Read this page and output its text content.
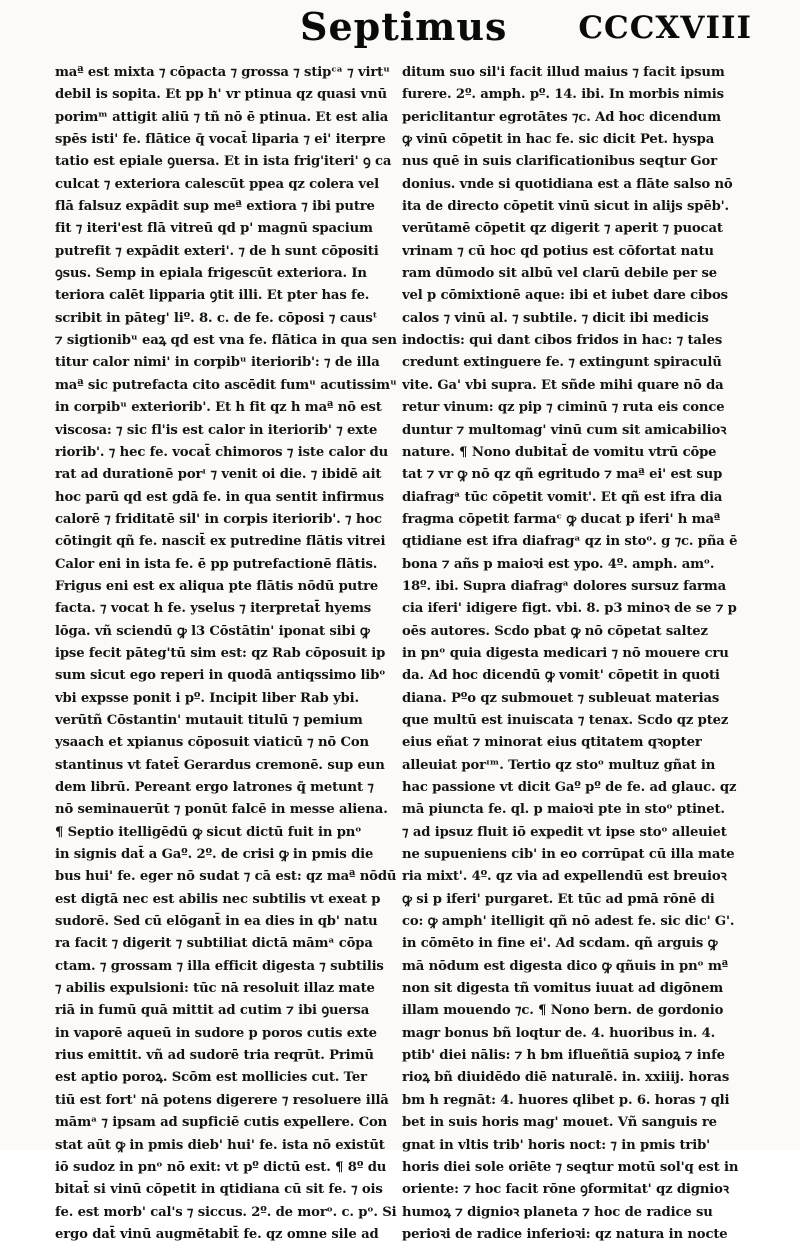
Septimus CCCXVIII
maª est mixta ⁊ cōpacta ⁊ grossa ⁊ stipᶜᵃ ⁊ virtᵘ
debil is sopita. Et pp h' vr ptinua qz quasi vnū
porimᵐ attigit aliū ⁊ tñ nō ē ptinua. Et est alia
spēs isti' fe. flātice q̄ vocat̄ liparia ⁊ ei' iterpre
tatio est epiale ꝯuersa. Et in ista frig'iteri' ꝯ ca
culcat ⁊ exteriora calescūt ppea qz colera vel
flā falsuz expādit sup meª extiora ⁊ ibi putre
fit ⁊ iteri'est flā vitreū qd p' magnū spacium
putrefit ⁊ expādit exteri'. ⁊ de h sunt cōpositi
ꝯsus. Semp in epiala frigescūt exteriora. In
teriora calēt lipparia ꝯtit illi. Et pter has fe.
scribit in pāteg' liº. 8. c. de fe. cōposi ⁊ causᵗ
⁊ sigtionibᵘ eaꝝ qd est vna fe. flātica in qua sen
titur calor nimi' in corpibᵘ iteriorib': ⁊ de illa
maª sic putrefacta cito ascēdit fumᵘ acutissimᵘ
in corpibᵘ exteriorib'. Et h fit qz h maª nō est
viscosa: ⁊ sic fl'is est calor in iteriorib' ⁊ exte
riorib'. ⁊ hec fe. vocat̄ chimoros ⁊ iste calor du
rat ad durationē porᶦ ⁊ venit oi die. ⁊ ibidē ait
hoc parū qd est gdā fe. in qua sentit infirmus
calorē ⁊ friditatē sil' in corpis iteriorib'. ⁊ hoc
cōtingit qñ fe. nascit̄ ex putredine flātis vitrei
Calor eni in ista fe. ē pp putrefactionē flātis.
Frigus eni est ex aliqua pte flātis nōdū putre
facta. ⁊ vocat h fe. yselus ⁊ iterpretat̄ hyems
lōga. vñ sciendū ꝙ l3 Cōstātin' iponat sibi ꝙ
ipse fecit pāteg'tū sim est: qz Rab cōposuit ip
sum sicut ego reperi in quodā antiqssimo libᵒ
vbi expsse ponit i pº. Incipit liber Rab ybi.
verūtñ Cōstantin' mutauit titulū ⁊ pemium
ysaach et xpianus cōposuit viaticū ⁊ nō Con
stantinus vt fatet̄ Gerardus cremonē. sup eun
dem librū. Pereant ergo latrones q̄ metunt ⁊
nō seminauerūt ⁊ ponūt falcē in messe aliena.
¶ Septio itelligēdū ꝙ sicut dictū fuit in pnᵒ
in signis dat̄ a Gaº. 2º. de crisi ꝙ in pmis die
bus hui' fe. eger nō sudat ⁊ cā est: qz maª nōdū
est digtā nec est abilis nec subtilis vt exeat p
sudorē. Sed cū elōgant̄ in ea dies in qb' natu
ra facit ⁊ digerit ⁊ subtiliat dictā māmᵃ cōpa
ctam. ⁊ grossam ⁊ illa efficit digesta ⁊ subtilis
⁊ abilis expulsioni: tūc nā resoluit illaz mate
riā in fumū quā mittit ad cutim ⁊ ibi ꝯuersa
in vaporē aqueū in sudore p poros cutis exte
rius emittit. vñ ad sudorē tria reqrūt. Primū
est aptio poroꝝ. Scōm est mollicies cut. Ter
tiū est fort' nā potens digerere ⁊ resoluere illā
māmᵃ ⁊ ipsam ad supficiē cutis expellere. Con
stat aūt ꝙ in pmis dieb' hui' fe. ista nō existūt
iō sudoz in pnᵒ nō exit: vt pº dictū est. ¶ 8º du
bitat̄ si vinū cōpetit in qtidiana cū sit fe. ⁊ ois
fe. est morb' cal's ⁊ siccus. 2º. de morᵒ. c. pᵒ. Si
ergo dat̄ vinū augmētabit̄ fe. qz omne sile ad
ditum suo sil'i facit illud maius ⁊ facit ipsum
furere. 2º. amph. pº. 14. ibi. In morbis nimis
periclitantur egrotātes ⁊c. Ad hoc dicendum
ꝙ vinū cōpetit in hac fe. sic dicit Pet. hyspa
nus quē in suis clarificationibus seqtur Gor
donius. vnde si quotidiana est a flāte salso nō
ita de directo cōpetit vinū sicut in alijs spēb'.
verūtamē cōpetit qz digerit ⁊ aperit ⁊ puocat
vrinam ⁊ cū hoc qd potius est cōfortat natu
ram dūmodo sit albū vel clarū debile per se
vel p cōmixtionē aque: ibi et iubet dare cibos
calos ⁊ vinū al. ⁊ subtile. ⁊ dicit ibi medicis
indoctis: qui dant cibos fridos in hac: ⁊ tales
credunt extinguere fe. ⁊ extingunt spiraculū
vite. Ga' vbi supra. Et sñde mihi quare nō da
retur vinum: qz pip ⁊ ciminū ⁊ ruta eis conce
duntur ⁊ multomag' vinū cum sit amicabilioꝛ
nature. ¶ Nono dubitat̄ de vomitu vtrū cōpe
tat ⁊ vr ꝙ nō qz qñ egritudo ⁊ maª ei' est sup
diafragᵃ tūc cōpetit vomit'. Et qñ est ifra dia
fragma cōpetit farmaᶜ ꝙ ducat p iferi' h maª
qtidiane est ifra diafragᵃ qz in stoᵒ. g ⁊c. pña ē
bona ⁊ añs p maioꝛi est ypo. 4º. amph. amᵒ.
18º. ibi. Supra diafragᵃ dolores sursuz farma
cia iferi' idigere figt. vbi. 8. p3 minoꝛ de se ⁊ p
oēs autores. Scdo pbat ꝙ nō cōpetat saltez
in pnᵒ quia digesta medicari ⁊ nō mouere cru
da. Ad hoc dicendū ꝙ vomit' cōpetit in quoti
diana. Pºo qz submouet ⁊ subleuat materias
que multū est inuiscata ⁊ tenax. Scdo qz ptez
eius eñat ⁊ minorat eius qtitatem qꝛopter
alleuiat porᶦᵐ. Tertio qz stoᵒ multuz gñat in
hac passione vt dicit Gaº pº de fe. ad glauc. qz
mā piuncta fe. ql. p maioꝛi pte in stoᵒ ptinet.
⁊ ad ipsuz fluit iō expedit vt ipse stoᵒ alleuiet
ne supueniens cib' in eo corrūpat cū illa mate
ria mixt'. 4º. qz via ad expellendū est breuioꝛ
ꝙ si p iferi' purgaret. Et tūc ad pmā rōnē di
co: ꝙ amph' itelligit qñ nō adest fe. sic dic' G'.
in cōmēto in fine ei'. Ad scdam. qñ arguis ꝙ
mā nōdum est digesta dico ꝙ qñuis in pnᵒ mª
non sit digesta tñ vomitus iuuat ad digōnem
illam mouendo ⁊c. ¶ Nono bern. de gordonio
magr bonus bñ loqtur de. 4. huoribus in. 4.
ptib' diei nālis: ⁊ h bm iflueñtiā supioꝝ ⁊ infe
rioꝝ bñ diuidēdo diē naturalē. in. xxiiij. horas
bm h regnāt: 4. huores qlibet p. 6. horas ⁊ qli
bet in suis horis mag' mouet. Vñ sanguis re
gnat in vltis trib' horis noct: ⁊ in pmis trib'
horis diei sole oriēte ⁊ seqtur motū sol'q est in
oriente: ⁊ hoc facit rōne ꝯformitat' qz dignioꝛ
humoꝝ ⁊ dignioꝛ planeta ⁊ hoc de radice su
perioꝛi de radice inferioꝛi: qz natura in nocte
